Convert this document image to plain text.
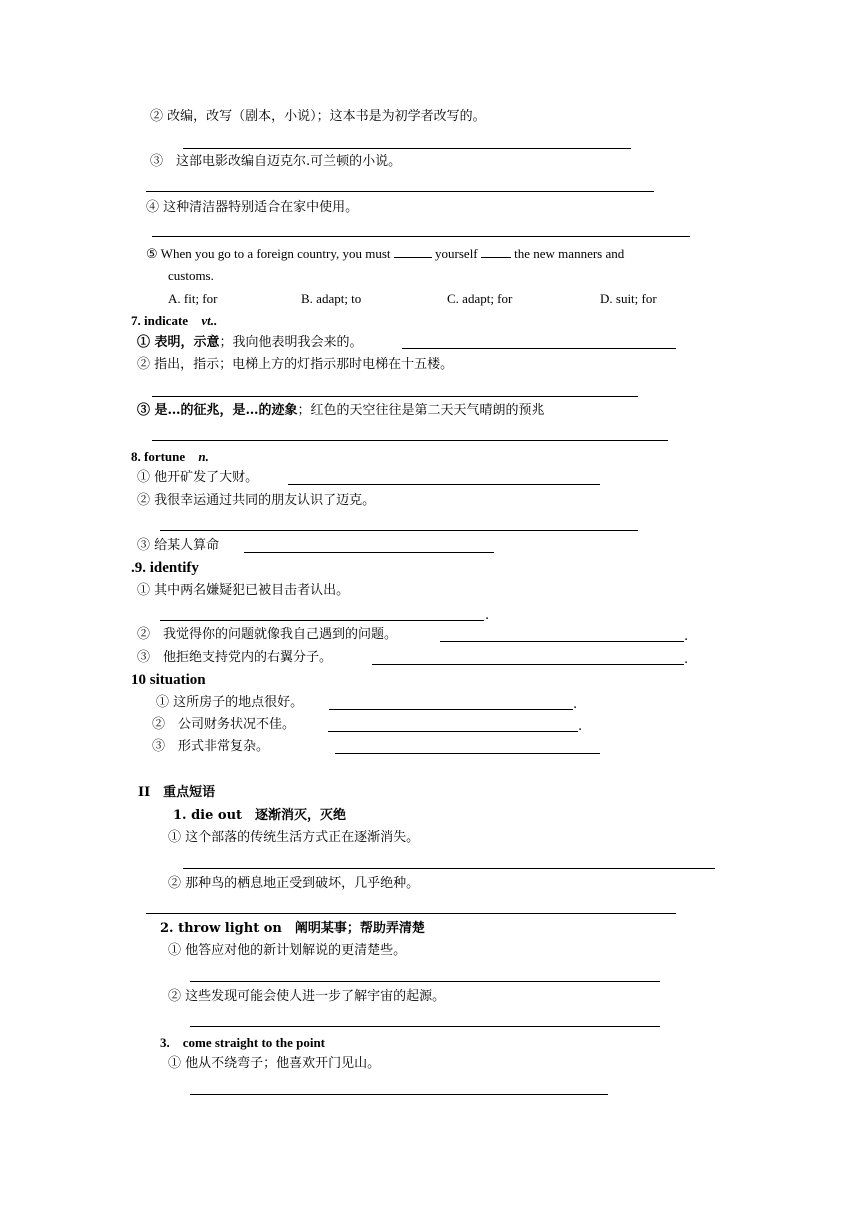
② 改编，改写（剧本，小说）；这本书是为初学者改写的。
③　这部电影改编自迈克尔.可兰顿的小说。
④ 这种清洁器特别适合在家中使用。
⑤ When you go to a foreign country, you must	yourself	the new manners and
customs.
A. fit; for	B. adapt; to	C. adapt; for	D. suit; for
7. indicate vt..
① 表明，示意；我向他表明我会来的。
② 指出，指示；电梯上方的灯指示那时电梯在十五楼。
③ 是…的征兆，是…的迹象；红色的天空往往是第二天天气晴朗的预兆
8. fortune n.
① 他开矿发了大财。
② 我很幸运通过共同的朋友认识了迈克。
③ 给某人算命
.9. identify
① 其中两名嫌疑犯已被目击者认出。
.
②　我觉得你的问题就像我自己遇到的问题。	.
③　他拒绝支持党内的右翼分子。	.
10 situation
① 这所房子的地点很好。	.
②　公司财务状况不佳。	.
③　形式非常复杂。
II　重点短语
1. die out　逐渐消灭，灭绝
① 这个部落的传统生活方式正在逐渐消失。
② 那种鸟的栖息地正受到破坏，几乎绝种。
2. throw light on　阐明某事；帮助弄清楚
① 他答应对他的新计划解说的更清楚些。
② 这些发现可能会使人进一步了解宇宙的起源。
3.　come straight to the point
① 他从不绕弯子；他喜欢开门见山。
